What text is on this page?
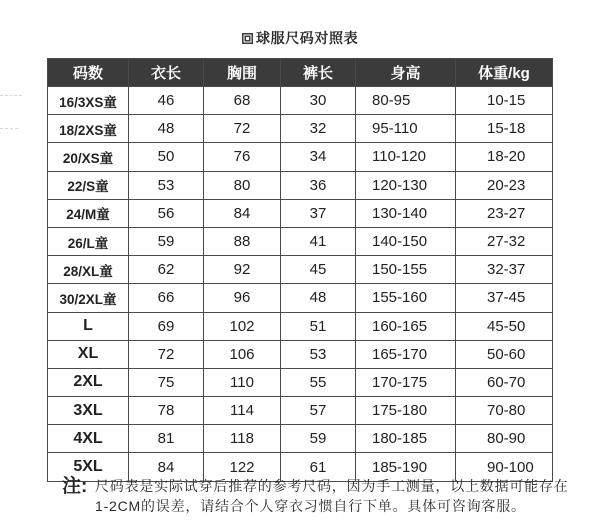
球服尺码对照表
码数	衣长	胸围	裤长	身高	体重/kg
16/3XS童	46	68	30	80-95	10-15
18/2XS童	48	72	32	95-110	15-18
20/XS童	50	76	34	110-120	18-20
22/S童	53	80	36	120-130	20-23
24/M童	56	84	37	130-140	23-27
26/L童	59	88	41	140-150	27-32
28/XL童	62	92	45	150-155	32-37
30/2XL童	66	96	48	155-160	37-45
L	69	102	51	160-165	45-50
XL	72	106	53	165-170	50-60
2XL	75	110	55	170-175	60-70
3XL	78	114	57	175-180	70-80
4XL	81	118	59	180-185	80-90
5XL	84	122	61	185-190	90-100
注: 尺码表是实际试穿后推荐的参考尺码，因为手工测量，以上数据可能存在
1-2CM的误差，请结合个人穿衣习惯自行下单。具体可咨询客服。
